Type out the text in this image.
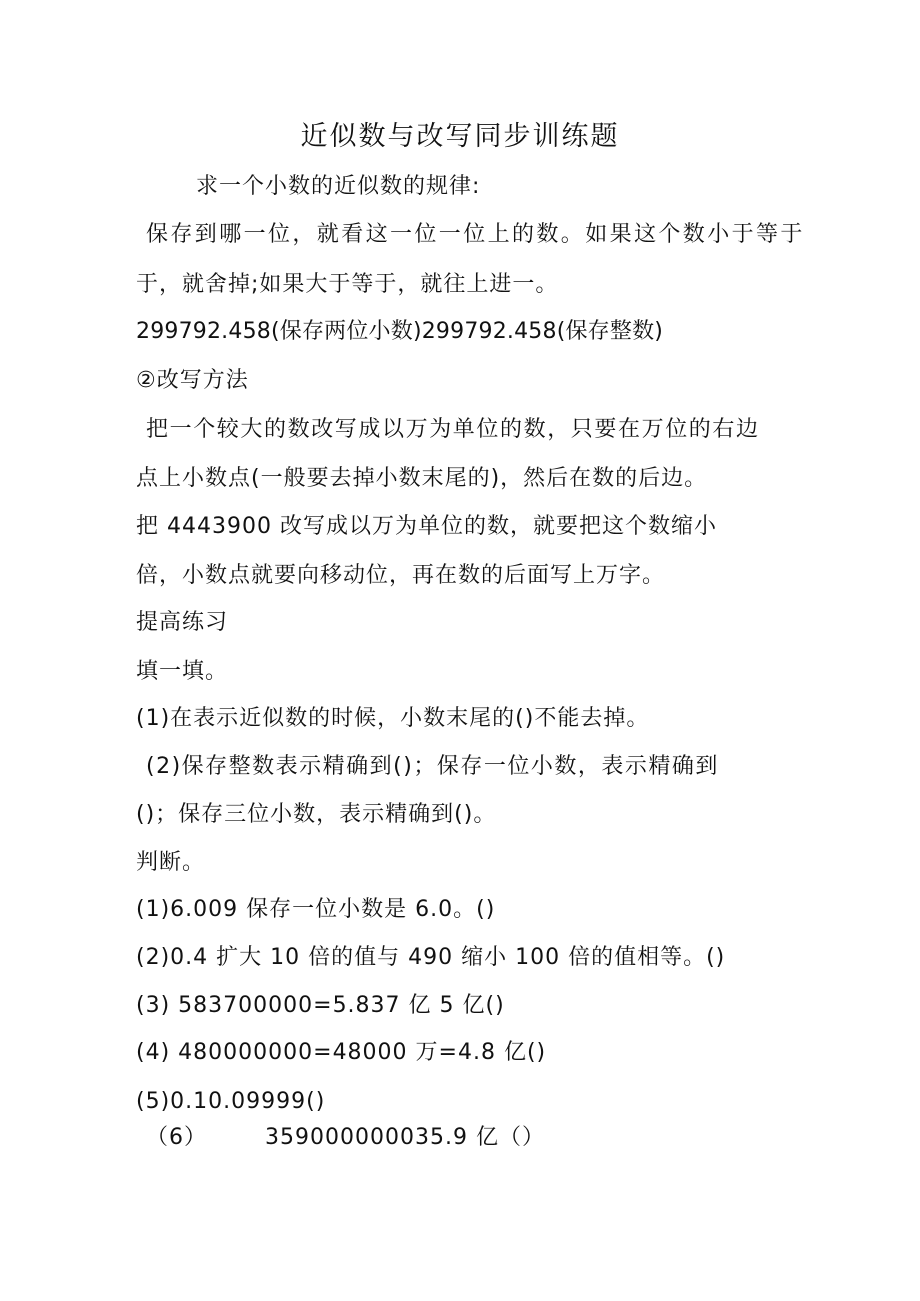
近似数与改写同步训练题
求一个小数的近似数的规律:
保存到哪一位，就看这一位一位上的数。如果这个数小于等于
于，就舍掉;如果大于等于，就往上进一。
299792.458(保存两位小数)299792.458(保存整数)
②改写方法
把一个较大的数改写成以万为单位的数，只要在万位的右边
点上小数点(一般要去掉小数末尾的)，然后在数的后边。
把 4443900 改写成以万为单位的数，就要把这个数缩小
倍，小数点就要向移动位，再在数的后面写上万字。
提高练习
填一填。
(1)在表示近似数的时候，小数末尾的()不能去掉。
(2)保存整数表示精确到()；保存一位小数，表示精确到
()；保存三位小数，表示精确到()。
判断。
(1)6.009 保存一位小数是 6.0。()
(2)0.4 扩大 10 倍的值与 490 缩小 100 倍的值相等。()
(3) 583700000=5.837 亿 5 亿()
(4) 480000000=48000 万=4.8 亿()
(5)0.10.09999()
（6）	359000000035.9 亿（）
